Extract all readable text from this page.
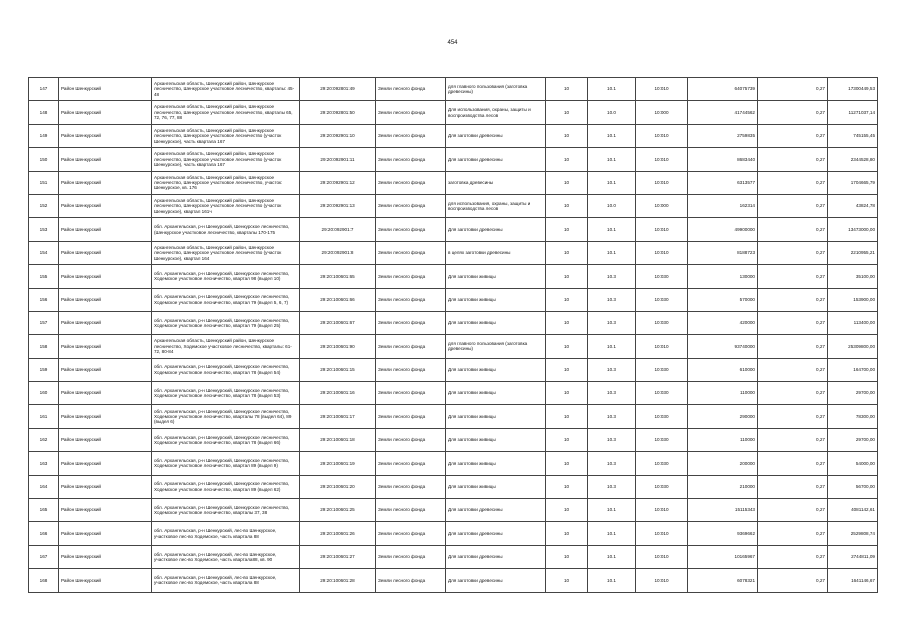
454
147	Район Шенкурский	Архангельская область, Шенкурский район, Шенкурское лесничество, Шенкурское участковое лесничество, кварталы: 45-48	29:20:092801:49	Земли лесного фонда	для главного пользования (заготовка древесины)	10	10.1	10:010	64075739	0,27	17300449,53
148	Район Шенкурский	Архангельская область, Шенкурский район, Шенкурское лесничество, Шенкурское участковое лесничество, кварталы 65, 72, 76, 77, 88	29:20:092801:50	Земли лесного фонда	Для использования, охраны, защиты и воспроизводства лесов	10	10.0	10:000	41744562	0,27	11271037,14
149	Район Шенкурский	Архангельская область, Шенкурский район, Шенкурское лесничество, Шенкурское участковое лесничество (участок Шенкурское), часть квартала 167	29:20:092901:10	Земли лесного фонда	Для заготовки древесины	10	10.1	10:010	2759835	0,27	745155,45
150	Район Шенкурский	Архангельская область, Шенкурский район, Шенкурское лесничество, Шенкурское участковое лесничество (участок Шенкурское), часть квартала 167	29:20:092901:11	Земли лесного фонда	Для заготовки древесины	10	10.1	10:010	8683440	0,27	2344528,80
151	Район Шенкурский	Архангельская область, Шенкурский район, Шенкурское лесничество, Шенкурское участковое лесничество, участок: Шенкурское, кв. 176	29:20:092901:12	Земли лесного фонда	заготовка древесины	10	10.1	10:010	6313577	0,27	1704665,79
152	Район Шенкурский	Архангельская область, Шенкурский район, Шенкурское лесничество, Шенкурское участковое лесничество (участок Шенкурское), квартал 161ч	29:20:092901:13	Земли лесного фонда	для использования, охраны, защиты и воспроизводства лесов	10	10.0	10:000	162314	0,27	43824,78
153	Район Шенкурский	обл. Архангельская, р-н Шенкурский, Шенкурское лесничество, (Шенкурское участковое лесничество, кварталы 170-175	29:20:092901:7	Земли лесного фонда	Для заготовки древесины	10	10.1	10:010	49900000	0,27	13473000,00
154	Район Шенкурский	Архангельская область, Шенкурский район, Шенкурское лесничество, Шенкурское участковое лесничество (участок Шенкурское), квартал 164	29:20:092901:8	Земли лесного фонда	в целях заготовки древесины	10	10.1	10:010	8188723	0,27	2210955,21
155	Район Шенкурский	обл. Архангельская, р-н Шенкурский, Шенкурское лесничество, Ходемское участковое лесничество, квартал 98 (выдел 10)	29:20:100601:65	Земли лесного фонда	Для заготовки живицы	10	10.3	10:030	130000	0,27	35100,00
156	Район Шенкурский	обл. Архангельская, р-н Шенкурский, Шенкурское лесничество, Ходемское участковое лесничество, квартал 79 (выдел 5, 6, 7)	29:20:100601:66	Земли лесного фонда	Для заготовки живицы	10	10.3	10:030	570000	0,27	153900,00
157	Район Шенкурский	обл. Архангельская, р-н Шенкурский, Шенкурское лесничество, Ходемское участковое лесничество, квартал 79 (выдел 25)	29:20:100601:67	Земли лесного фонда	Для заготовки живицы	10	10.3	10:030	420000	0,27	113400,00
158	Район Шенкурский	Архангельская область, Шенкурский район, Шенкурское лесничество, Ходемское участковое лесничество, кварталы: 61-72, 80-84	29:20:100601:90	Земли лесного фонда	для главного пользования (заготовка древесины)	10	10.1	10:010	93740000	0,27	25309800,00
159	Район Шенкурский	обл. Архангельская, р-н Шенкурский, Шенкурское лесничество, Ходемское участковое лесничество, квартал 78 (выдел 54)	29:20:100601:15	Земли лесного фонда	Для заготовки живицы	10	10.3	10:030	610000	0,27	164700,00
160	Район Шенкурский	обл. Архангельская, р-н Шенкурский, Шенкурское лесничество, Ходемское участковое лесничество, квартал 78 (выдел 53)	29:20:100601:16	Земли лесного фонда	Для заготовки живицы	10	10.3	10:030	110000	0,27	29700,00
161	Район Шенкурский	обл. Архангельская, р-н Шенкурский, Шенкурское лесничество, Ходемское участковое лесничество, кварталы 78 (выдел 64), 89 (выдел 6)	29:20:100601:17	Земли лесного фонда	Для заготовки живицы	10	10.3	10:030	290000	0,27	78300,00
162	Район Шенкурский	обл. Архангельская, р-н Шенкурский, Шенкурское лесничество, Ходемское участковое лесничество, квартал 78 (выдел 66)	29:20:100601:18	Земли лесного фонда	Для заготовки живицы	10	10.3	10:030	110000	0,27	29700,00
163	Район Шенкурский	обл. Архангельская, р-н Шенкурский, Шенкурское лесничество, Ходемское участковое лесничество, квартал 89 (выдел 9)	29:20:100601:19	Земли лесного фонда	Для заготовки живицы	10	10.3	10:030	200000	0,27	54000,00
164	Район Шенкурский	обл. Архангельская, р-н Шенкурский, Шенкурское лесничество, Ходемское участковое лесничество, квартал 89 (выдел 62)	29:20:100601:20	Земли лесного фонда	Для заготовки живицы	10	10.3	10:030	210000	0,27	56700,00
165	Район Шенкурский	обл. Архангельская, р-н Шенкурский, Шенкурское лесничество, Ходемское участковое лесничество, кварталы 37, 38	29:20:100601:25	Земли лесного фонда	Для заготовки древесины	10	10.1	10:010	15115343	0,27	4081142,61
166	Район Шенкурский	обл. Архангельская, р-н Шенкурский, лес-во Шенкурское, участковое лес-во Ходемское, часть квартала 88	29:20:100601:26	Земли лесного фонда	Для заготовки древесины	10	10.1	10:010	9369662	0,27	2529808,74
167	Район Шенкурский	обл. Архангельская, р-н Шенкурский, лес-во Шенкурское, участковое лес-во Ходемское, часть квартала88, кв. 90	29:20:100601:27	Земли лесного фонда	Для заготовки древесины	10	10.1	10:010	10165967	0,27	2744811,09
168	Район Шенкурский	обл. Архангельская, р-н Шенкурский, лес-во Шенкурское, участковое лес-во Ходемское, часть квартала 88	29:20:100601:28	Земли лесного фонда	Для заготовки древесины	10	10.1	10:010	6078321	0,27	1641146,67
